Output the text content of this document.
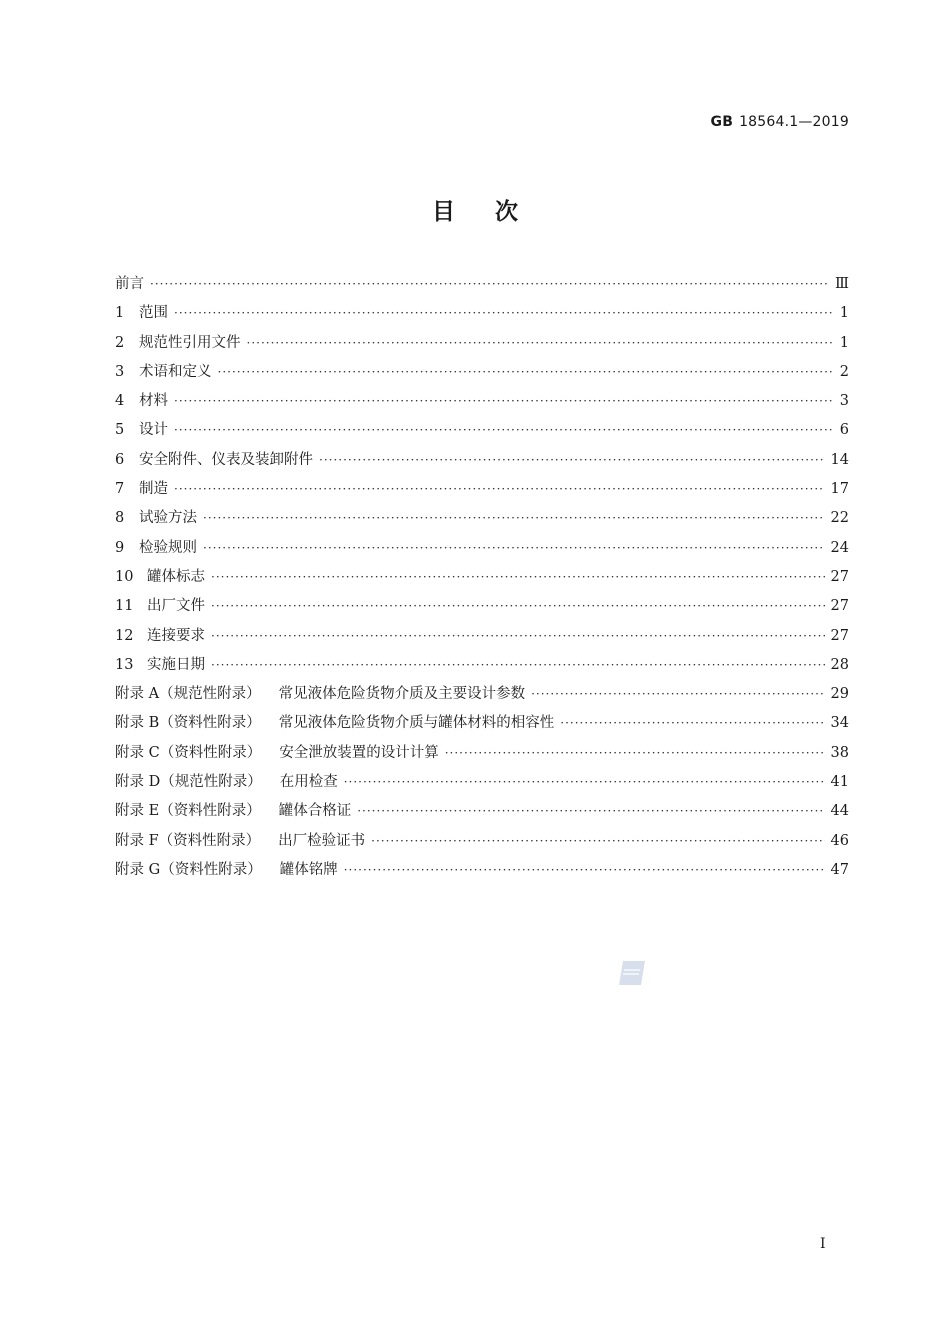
GB 18564.1—2019
目次
前言 ·····	Ⅲ
1	范围 ·····	1
2	规范性引用文件 ·····	1
3	术语和定义 ·····	2
4	材料 ·····	3
5	设计 ·····	6
6	安全附件、仪表及装卸附件 ·····	14
7	制造 ·····	17
8	试验方法 ·····	22
9	检验规则 ·····	24
10 罐体标志 ·····	27
11 出厂文件 ·····	27
12 连接要求 ·····	27
13 实施日期 ·····	28
附录 A（规范性附录） 常见液体危险货物介质及主要设计参数 ·····	29
附录 B（资料性附录） 常见液体危险货物介质与罐体材料的相容性 ·····	34
附录 C（资料性附录） 安全泄放装置的设计计算 ·····	38
附录 D（规范性附录） 在用检查 ·····	41
附录 E（资料性附录） 罐体合格证 ·····	44
附录 F（资料性附录） 出厂检验证书 ·····	46
附录 G（资料性附录） 罐体铭牌 ·····	47
I
